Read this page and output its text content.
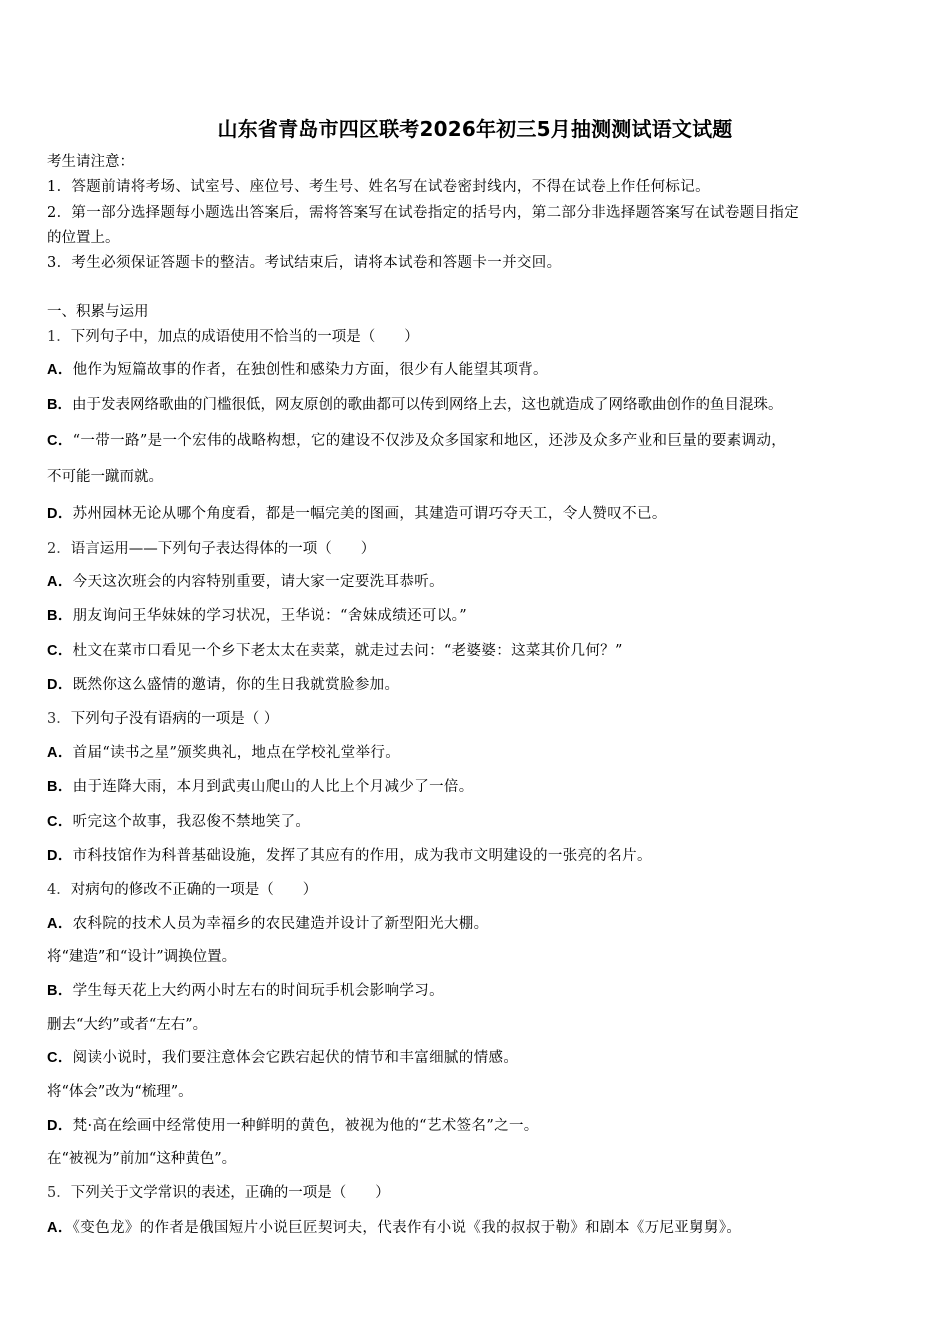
山东省青岛市四区联考2026年初三5月抽测测试语文试题
考生请注意：
1．答题前请将考场、试室号、座位号、考生号、姓名写在试卷密封线内，不得在试卷上作任何标记。
2．第一部分选择题每小题选出答案后，需将答案写在试卷指定的括号内，第二部分非选择题答案写在试卷题目指定
的位置上。
3．考生必须保证答题卡的整洁。考试结束后，请将本试卷和答题卡一并交回。
一、积累与运用
1．下列句子中，加点的成语使用不恰当的一项是（　　）
A．他作为短篇故事的作者，在独创性和感染力方面，很少有人能望其项背。
B．由于发表网络歌曲的门槛很低，网友原创的歌曲都可以传到网络上去，这也就造成了网络歌曲创作的鱼目混珠。
C．“一带一路”是一个宏伟的战略构想，它的建设不仅涉及众多国家和地区，还涉及众多产业和巨量的要素调动，
不可能一蹴而就。
D．苏州园林无论从哪个角度看，都是一幅完美的图画，其建造可谓巧夺天工，令人赞叹不已。
2．语言运用——下列句子表达得体的一项（　　）
A．今天这次班会的内容特别重要，请大家一定要洗耳恭听。
B．朋友询问王华妹妹的学习状况，王华说：“舍妹成绩还可以。”
C．杜文在菜市口看见一个乡下老太太在卖菜，就走过去问：“老婆婆：这菜其价几何？”
D．既然你这么盛情的邀请，你的生日我就赏脸参加。
3．下列句子没有语病的一项是（ ）
A．首届“读书之星”颁奖典礼，地点在学校礼堂举行。
B．由于连降大雨，本月到武夷山爬山的人比上个月减少了一倍。
C．听完这个故事，我忍俊不禁地笑了。
D．市科技馆作为科普基础设施，发挥了其应有的作用，成为我市文明建设的一张亮的名片。
4．对病句的修改不正确的一项是（　　）
A．农科院的技术人员为幸福乡的农民建造并设计了新型阳光大棚。
将“建造”和“设计”调换位置。
B．学生每天花上大约两小时左右的时间玩手机会影响学习。
删去“大约”或者“左右”。
C．阅读小说时，我们要注意体会它跌宕起伏的情节和丰富细腻的情感。
将“体会”改为“梳理”。
D．梵·高在绘画中经常使用一种鲜明的黄色，被视为他的“艺术签名”之一。
在“被视为”前加“这种黄色”。
5．下列关于文学常识的表述，正确的一项是（　　）
A．《变色龙》的作者是俄国短片小说巨匠契诃夫，代表作有小说《我的叔叔于勒》和剧本《万尼亚舅舅》。
